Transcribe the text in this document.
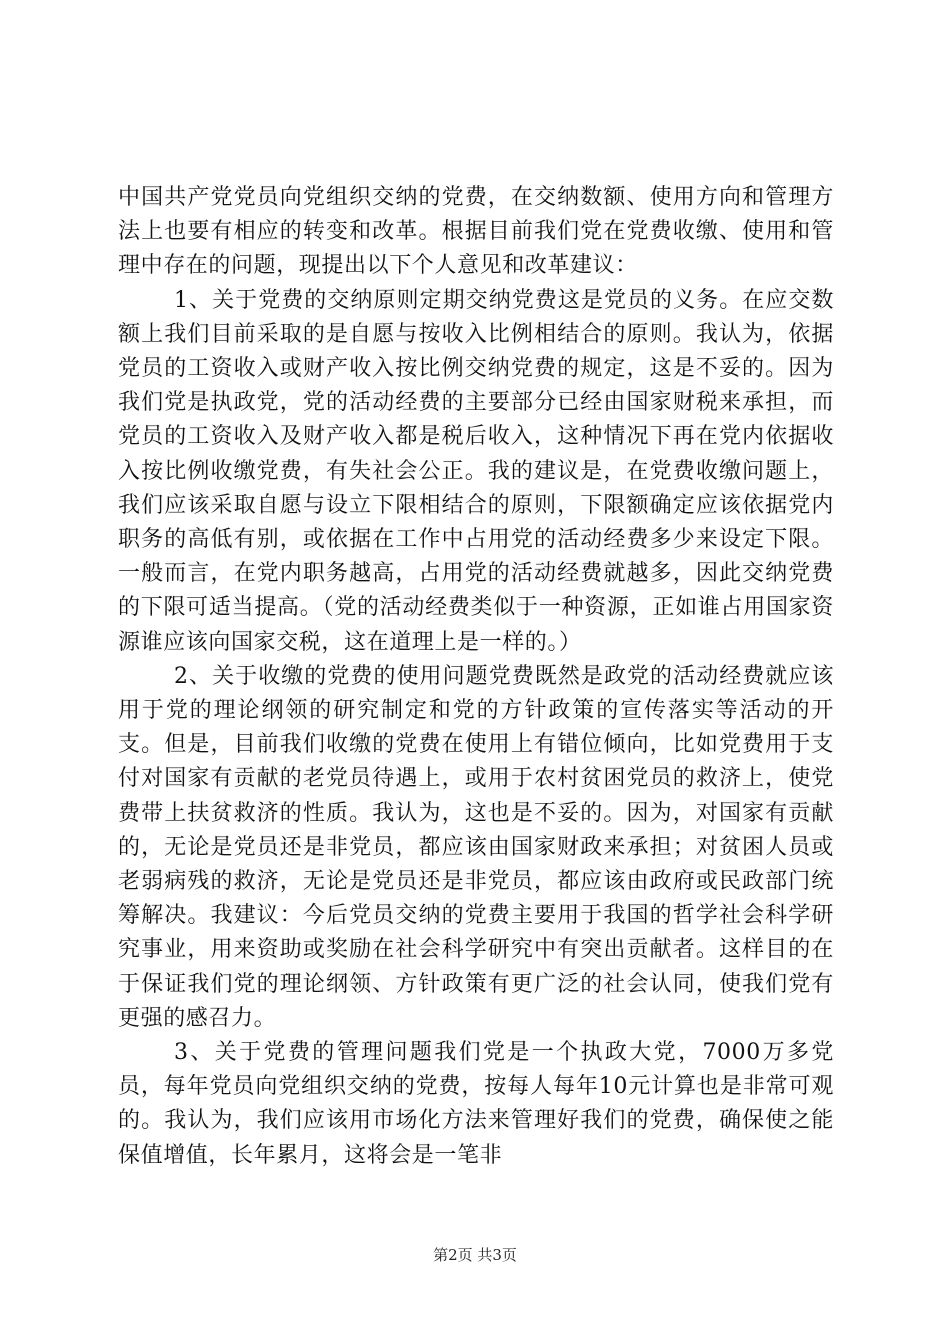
中国共产党党员向党组织交纳的党费，在交纳数额、使用方向和管理方法上也要有相应的转变和改革。根据目前我们党在党费收缴、使用和管理中存在的问题，现提出以下个人意见和改革建议：

1、关于党费的交纳原则定期交纳党费这是党员的义务。在应交数额上我们目前采取的是自愿与按收入比例相结合的原则。我认为，依据党员的工资收入或财产收入按比例交纳党费的规定，这是不妥的。因为我们党是执政党，党的活动经费的主要部分已经由国家财税来承担，而党员的工资收入及财产收入都是税后收入，这种情况下再在党内依据收入按比例收缴党费，有失社会公正。我的建议是，在党费收缴问题上，我们应该采取自愿与设立下限相结合的原则，下限额确定应该依据党内职务的高低有别，或依据在工作中占用党的活动经费多少来设定下限。一般而言，在党内职务越高，占用党的活动经费就越多，因此交纳党费的下限可适当提高。（党的活动经费类似于一种资源，正如谁占用国家资源谁应该向国家交税，这在道理上是一样的。）

2、关于收缴的党费的使用问题党费既然是政党的活动经费就应该用于党的理论纲领的研究制定和党的方针政策的宣传落实等活动的开支。但是，目前我们收缴的党费在使用上有错位倾向，比如党费用于支付对国家有贡献的老党员待遇上，或用于农村贫困党员的救济上，使党费带上扶贫救济的性质。我认为，这也是不妥的。因为，对国家有贡献的，无论是党员还是非党员，都应该由国家财政来承担；对贫困人员或老弱病残的救济，无论是党员还是非党员，都应该由政府或民政部门统筹解决。我建议：今后党员交纳的党费主要用于我国的哲学社会科学研究事业，用来资助或奖励在社会科学研究中有突出贡献者。这样目的在于保证我们党的理论纲领、方针政策有更广泛的社会认同，使我们党有更强的感召力。

3、关于党费的管理问题我们党是一个执政大党，7000万多党员，每年党员向党组织交纳的党费，按每人每年10元计算也是非常可观的。我认为，我们应该用市场化方法来管理好我们的党费，确保使之能保值增值，长年累月，这将会是一笔非

第2页 共3页
